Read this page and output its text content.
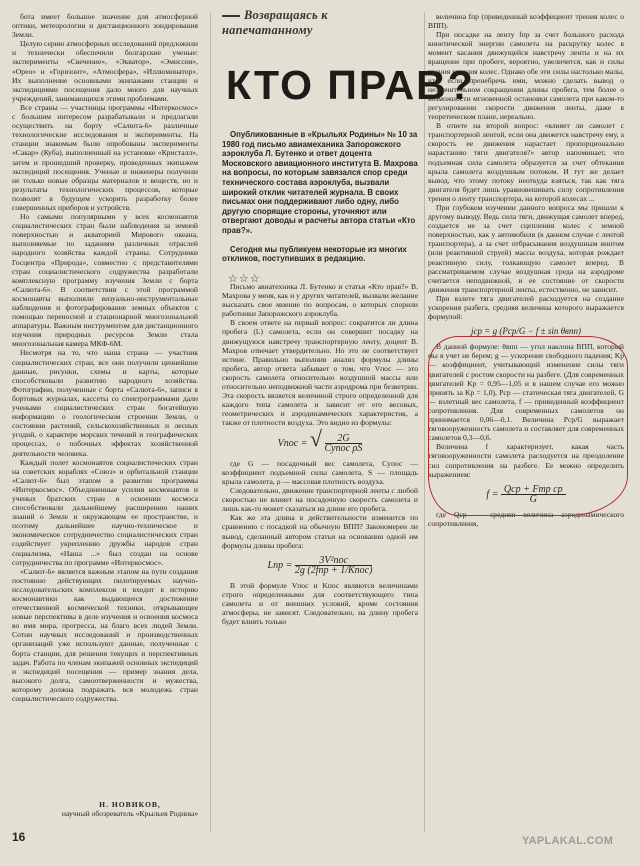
бота имеет большое значение для атмосферной оптики, метеорологии и дистанционного зондирования Земли.

Целую серию атмосферных исследований предложили и технически обеспечили болгарские ученые: эксперименты «Свечение», «Экватор», «Эмиссия», «Орео» и «Горизонт», «Атмосфера», «Иллюминатор». Их выполнение основными экипажами станции и экспедициями посещения дало много для научных учреждений, занимающихся этими проблемами.

Все страны — участницы программы «Интеркосмос» с большим интересом разрабатывали и предлагали осуществить на борту «Салюта-6» различные технологические исследования и эксперименты. На станции знакомым были опробованы эксперименты «Сакар» (Куба), выполненный на установке «Кристалл», затем и прошедший проверку, проведенных экипажем экспедиций посещения. Ученые и инженеры получили не только новые образцы материалов и веществ, но и результаты технологических процессов, которые позволят в будущем ускорить разработку более совершенных приборов и устройств.

Но самыми популярными у всех космонавтов социалистических стран были наблюдения за земной поверхностью и акваторией Мирового океана, выполняемые по заданиям различных отраслей народного хозяйства каждой страны. Сотрудники Госцентра «Природа», совместно с представителями стран социалистического содружества разработали комплексную программу изучения Земли с борта «Салюта-6». В соответствии с этой программой космонавты выполняли визуально-инструментальные наблюдения и фотографирование земных объектов с помощью переносной и стационарной многозональной аппаратуры. Важным инструментом для дистанционного изучения природных ресурсов Земли стала многозональная камера МКФ-6М.

Несмотря на то, что наша страна — участник социалистических стран, все они получили ценнейшие данные, рисунки, схемы и карты, которые способствовали развитию народного хозяйства. Фотографии, полученные с борта «Салюта-6», записи в бортовых журналах, кассеты со спектрограммами дали учеными социалистических стран богатейшую информацию о геологическом строении Земли, о состоянии растений, сельскохозяйственных и лесных угодий, о характере морских течений и географических процессах, о побочных эффектах хозяйственной деятельности человека.

Каждый полет космонавтов социалистических стран на советских кораблях «Союз» и орбитальной станции «Салют-6» был этапом в развитии программы «Интеркосмос». Объединенные усилия космонавтов и ученых братских стран в освоении космоса способствовали дальнейшему расширению наших знаний о Земле и окружающем ее пространстве, и поэтому дальнейшее научно-техническое и экономическое сотрудничество социалистических стран содействует укреплению дружбы народов стран социализма, «Наша ...» был создан на основе сотрудничества по программе «Интеркосмос».

«Салют-6» является важным этапом на пути создания постоянно действующих пилотируемых научно-исследовательских комплексов и входит в историю космонавтики как выдающееся достижение отечественной космической техники, открывающее новые перспективы в деле изучения и освоения космоса во имя мира, прогресса, на благо всех людей Земли. Сотни научных исследований и производственных организаций уже используют данные, полученные с борта станции, для решения текущих и перспективных задач. Работа по членам экипажей основных экспедиций и экспедиций посещения — пример знания дела, высокого долга, самоотверженности и мужества, которому должна подражать вся молодежь стран социалистического содружества.

Н. НОВИКОВ,
научный обозреватель «Крыльев Родины»
16
Возвращаясь к напечатанному
КТО ПРАВ?

Опубликованные в «Крыльях Родины» № 10 за 1980 год письмо авиамеханика Запорожского аэроклуба Л. Бутенко и ответ доцента Московского авиационного института В. Махрова на вопросы, по которым завязался спор среди технического состава аэроклуба, вызвали широкий отклик читателей журнала. В своих письмах они поддерживают либо одну, либо другую спорящие стороны, уточняют или отвергают доводы и расчеты автора статьи «Кто прав?».

Сегодня мы публикуем некоторые из многих откликов, поступивших в редакцию.

☆☆☆

Письмо авиатехника Л. Бутенко и статья «Кто прав?» В. Махрова у меня, как и у других читателей, вызвали желание высказать свое мнение по вопросам, о которых спорили работники Запорожского аэроклуба.

В своем ответе на первый вопрос: сократится ли длина пробега (L) самолета, если он совершит посадку на движущуюся навстречу транспортерную ленту, доцент В. Махров отвечает утвердительно. Но это не соответствует истине. Правильно выполнив анализ формулы длины пробега, автор ответа забывает о том, что Vпос — это скорость самолета относительно воздушной массы или относительно неподвижной части аэродрома при безветрии. Эта скорость является величиной строго определенной для каждого типа самолета и зависит от его весовых, геометрических и аэродинамических характеристик, а также от плотности воздуха. Это видно из формулы:

Vпос = √ $\frac{2G}{\text{Cyпос ρS}}$

где G — посадочный вес самолета, Cyпос — коэффициент подъемной силы самолета, S — площадь крыла самолета, ρ — массовая плотность воздуха.

Следовательно, движение транспортерной ленты с любой скоростью не влияет на посадочную скорость самолета и лишь как-то может сказаться на длине его пробега.

Как же эта длина в действительности изменится по сравнению с посадкой на обычную ВПП? Закономерен ли вывод, сделанный автором статьи на основании одной им формулы длины пробега:

Lпр = $\frac{\text{3V²пос}}{\text{2g (2fпр + 1/Kпос)}}$

В этой формуле Vпос и Kпос являются величинами строго определенными для соответствующего типа самолета и от внешних условий, кроме состояния атмосферы, не зависят. Следовательно, на длину пробега будет влиять только

величина fпр (приведенный коэффициент трения колес о ВПП).

При посадке на ленту fпр за счет большого расхода кинетической энергии самолета на раскрутку колес в момент касания движущейся навстречу ленты и на их вращение при пробеге, вероятно, увеличится, как и силы трения качения колес. Однако обе эти силы настолько малы, что, если пренебречь ими, можно сделать вывод о незначительном сокращении длины пробега, тем более о возможности мгновенной остановки самолета при каком-то регулировании скорости движения ленты, даже в теоретическом плане, нереально.

В ответе на второй вопрос: «влияет ли самолет с транспортерной лентой, если она движется навстречу ему, а скорость ее движения нарастает пропорционально нарастанию тяги двигателя?» автор напоминает, что подъемная сила самолета образуется за счет обтекания крыла самолета воздушным потоком. И тут же делает вывод, что этому потоку неоткуда взяться, так как тяга двигателя будет лишь уравновешивать силу сопротивления трения о ленту транспортера, на которой колесах ...

При глубоком изучении данного вопроса мы пришли к другому выводу. Ведь сила тяги, движущая самолет вперед, создается не за счет сцепления колес с земной поверхностью, как у автомобиля (в данном случае с лентой транспортера), а за счет отбрасывания воздушным винтом (или реактивной струей) массы воздуха, которая рождает реактивную силу, толкающую самолет вперед. В рассматриваемом случае воздушная среда на аэродроме считается неподвижной, и ее состояние от скорости движения транспортерной ленты, естественно, не зависит.

При взлете тяга двигателей расходуется на создание ускорения разбега, средняя величина которого выражается формулой:

jср = g (Pср/G − f ± sin θвпп)

В данной формуле: θвпп — угол наклона ВПП, который мы в учет не берем; g — ускорение свободного падения; Kp — коэффициент, учитывающий изменение силы тяги двигателей с ростом скорости на разбеге. (Для современных двигателей Kp = 0,95—1,05 и в нашем случае его можно принять за Kp = 1,0), Pср — статическая тяга двигателей, G — взлетный вес самолета, f — приведенный коэффициент сопротивления. Для современных самолетов он принимается 0,06—0,1. Величина Pср/G выражает тяговооруженность самолета и составляет для современных самолетов 0,3—0,6.

Величина f характеризует, какая часть тяговооруженности самолета расходуется на преодоление сил сопротивления на разбеге. Ее можно определить выражением:

$f = \frac{\text{Qср + Fтр ср}}{G}$

где Qср — средняя величина аэродинамического сопротивления,

YAPLAKAL.COM
